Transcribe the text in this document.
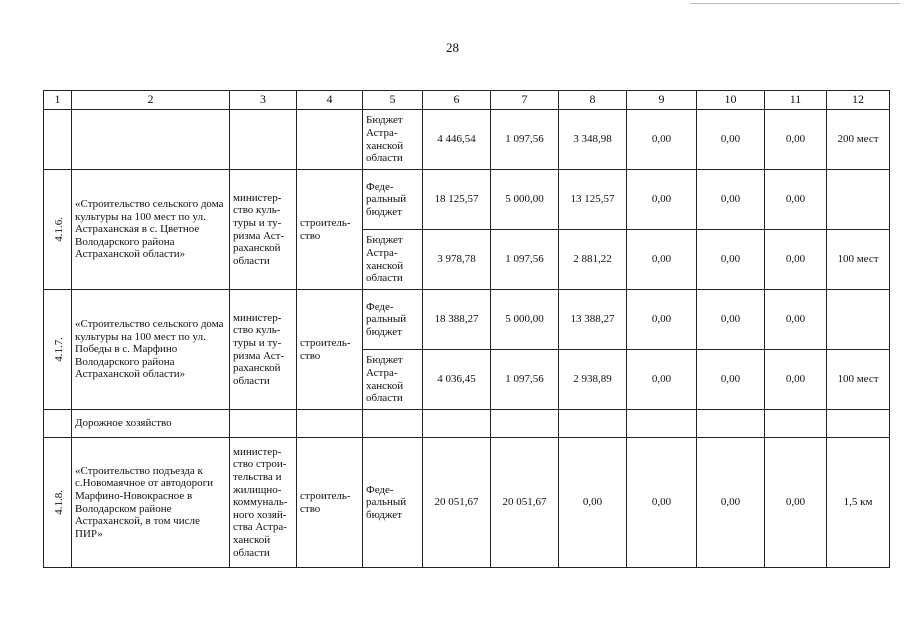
28
1	2	3	4	5	6	7	8	9	10	11	12
				Бюджет Астра-ханской области	4 446,54	1 097,56	3 348,98	0,00	0,00	0,00	200 мест
4.1.6.	«Строительство сельского дома культуры на 100 мест по ул. Астраханская в с. Цветное Володарского района Астраханской области»	министер-ство куль-туры и ту-ризма Аст-раханской области	строитель-ство	Феде-ральный бюджет	18 125,57	5 000,00	13 125,57	0,00	0,00	0,00	
				Бюджет Астра-ханской области	3 978,78	1 097,56	2 881,22	0,00	0,00	0,00	100 мест
4.1.7.	«Строительство сельского дома культуры на 100 мест по ул. Победы в с. Марфино Володарского района Астраханской области»	министер-ство куль-туры и ту-ризма Аст-раханской области	строитель-ство	Феде-ральный бюджет	18 388,27	5 000,00	13 388,27	0,00	0,00	0,00	
				Бюджет Астра-ханской области	4 036,45	1 097,56	2 938,89	0,00	0,00	0,00	100 мест
	Дорожное хозяйство										
4.1.8.	«Строительство подъезда к с.Новомаячное от автодороги Марфино-Новокрасное в Володарском районе Астраханской, в том числе ПИР»	министер-ство строи-тельства и жилищно-коммуналь-ного хозяй-ства Астра-ханской области	строитель-ство	Феде-ральный бюджет	20 051,67	20 051,67	0,00	0,00	0,00	0,00	1,5 км
